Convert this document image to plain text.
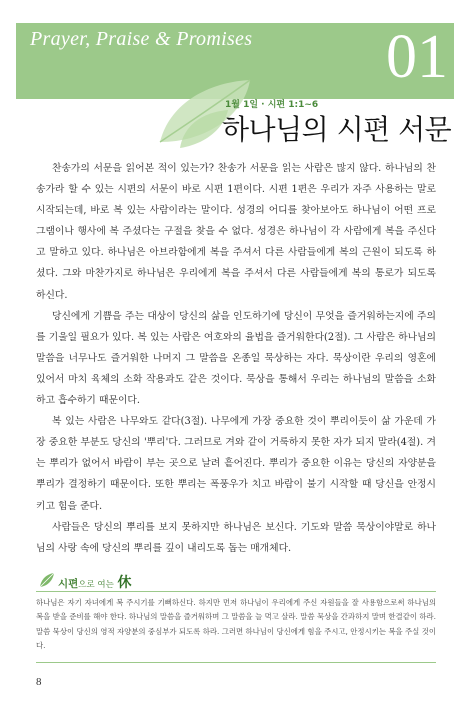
Prayer, Praise & Promises 01
1월 1일 · 시편 1:1~6
하나님의 시편 서문

찬송가의 서문을 읽어본 적이 있는가? 찬송가 서문을 읽는 사람은 많지 않다. 하나님의 찬송가라 할 수 있는 시편의 서문이 바로 시편 1편이다. 시편 1편은 우리가 자주 사용하는 말로 시작되는데, 바로 복 있는 사람이라는 말이다. 성경의 어디를 찾아보아도 하나님이 어떤 프로그램이나 행사에 복 주셨다는 구절을 찾을 수 없다. 성경은 하나님이 각 사람에게 복을 주신다고 말하고 있다. 하나님은 아브라함에게 복을 주셔서 다른 사람들에게 복의 근원이 되도록 하셨다. 그와 마찬가지로 하나님은 우리에게 복을 주셔서 다른 사람들에게 복의 통로가 되도록 하신다.

당신에게 기쁨을 주는 대상이 당신의 삶을 인도하기에 당신이 무엇을 즐거워하는지에 주의를 기울일 필요가 있다. 복 있는 사람은 여호와의 율법을 즐거워한다(2절). 그 사람은 하나님의 말씀을 너무나도 즐거워한 나머지 그 말씀을 온종일 묵상하는 자다. 묵상이란 우리의 영혼에 있어서 마치 육체의 소화 작용과도 같은 것이다. 묵상을 통해서 우리는 하나님의 말씀을 소화하고 흡수하기 때문이다.

복 있는 사람은 나무와도 같다(3절). 나무에게 가장 중요한 것이 뿌리이듯이 삶 가운데 가장 중요한 부분도 당신의 '뿌리'다. 그러므로 겨와 같이 거룩하지 못한 자가 되지 말라(4절). 겨는 뿌리가 없어서 바람이 부는 곳으로 날려 흩어진다. 뿌리가 중요한 이유는 당신의 자양분을 뿌리가 결정하기 때문이다. 또한 뿌리는 폭풍우가 치고 바람이 불기 시작할 때 당신을 안정시키고 힘을 준다.

사람들은 당신의 뿌리를 보지 못하지만 하나님은 보신다. 기도와 말씀 묵상이야말로 하나님의 사랑 속에 당신의 뿌리를 깊이 내리도록 돕는 매개체다.

시편으로 여는 休
하나님은 자기 자녀에게 복 주시기를 기뻐하신다. 하지만 먼저 하나님이 우리에게 주신 자원들을 잘 사용함으로써 하나님의 복을 받을 준비를 해야 한다. 하나님의 말씀을 즐거워하며 그 말씀을 늘 먹고 살라. 말씀 묵상을 간과하지 말며 한결같이 하라. 말씀 묵상이 당신의 영적 자양분의 중심부가 되도록 하라. 그러면 하나님이 당신에게 힘을 주시고, 안정시키는 복을 주실 것이다.
8
